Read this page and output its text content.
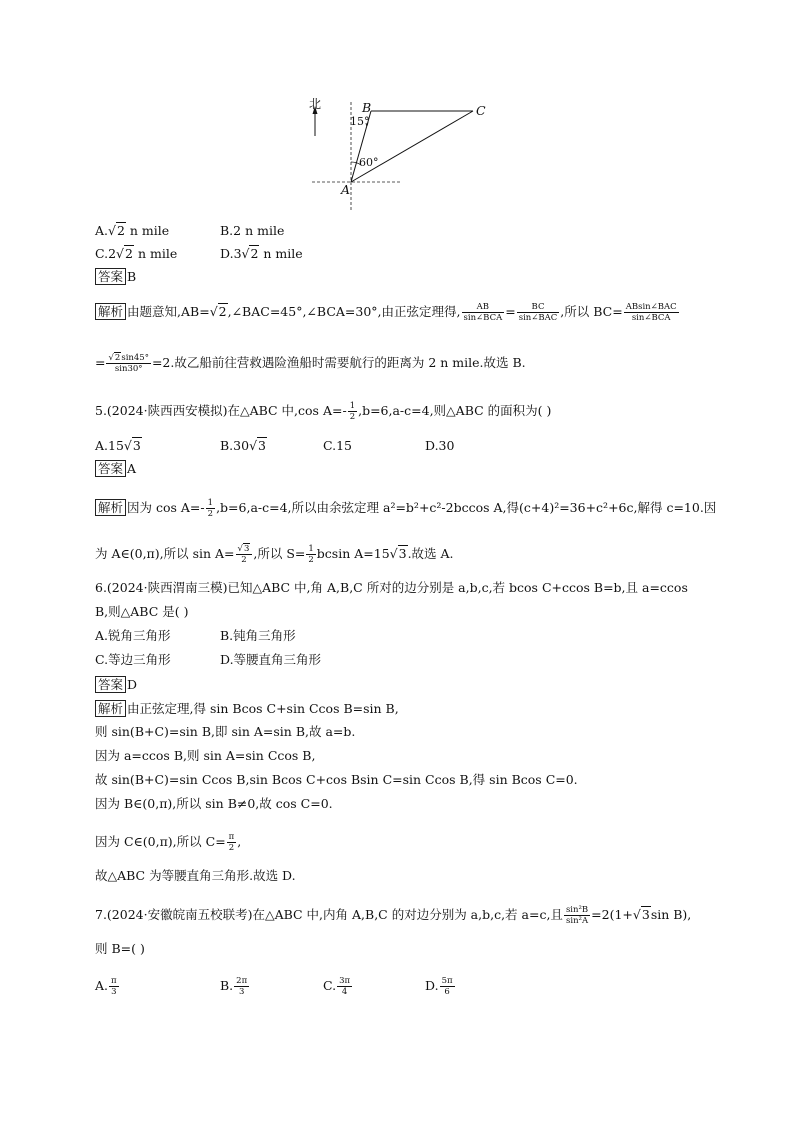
北	B	C
A
15°
60°
A.√2 n mile	B.2 n mile
C.2√2 n mile	D.3√2 n mile
答案 B
解析 由题意知,AB=√2,∠BAC=45°,∠BCA=30°,由正弦定理得, $\frac{AB}{\text{sin∠BCA}} = \frac{BC}{\text{sin∠BAC}}$ ,所以 $BC= \frac{\text{ABsin∠BAC}}{\text{sin∠BCA}}$
= $\frac{√2\sin 45^\circ}{\sin 30^\circ} =2$.故乙船前往营救遇险渔船时需要航行的距离为 2 n mile.故选 B.
5.(2024·陕西西安模拟)在△ABC 中,cos $A=- \frac{1}{2} ,b=6,a-c=4$,则△ABC 的面积为( )
A.15√3	B.30√3	C.15	D.30
答案 A
解析 因为 $\cos A=- \frac{1}{2} ,b=6,a-c=4$,所以由余弦定理 a²=b²+c²-2bccos A,得(c+4)²=36+c²+6c,解得 c=10.因
为 A∈(0,π),所以 $\sin A= \frac{√3}{2}$ ,所以 $S= \frac{1}{2}$ bcsin A=15√3.故选 A.
6.(2024·陕西渭南三模)已知△ABC 中,角 A,B,C 所对的边分别是 a,b,c,若 bcos C+ccos B=b,且 a=ccos
B,则△ABC 是( )
A.锐角三角形	B.钝角三角形
C.等边三角形	D.等腰直角三角形
答案 D
解析 由正弦定理,得 sin Bcos C+sin Ccos B=sin B,
则 sin(B+C)=sin B,即 sin A=sin B,故 a=b.
因为 a=ccos B,则 sin A=sin Ccos B,
故 sin(B+C)=sin Ccos B,sin Bcos C+cos Bsin C=sin Ccos B,得 sin Bcos C=0.
因为 B∈(0,π),所以 sin B≠0,故 cos C=0.
因为 C∈(0,π),所以 $C= \frac{\pi}{2}$ ,
故△ABC 为等腰直角三角形.故选 D.
7.(2024·安徽皖南五校联考)在△ABC 中,内角 A,B,C 的对边分别为 a,b,c,若 a=c,且 $\frac{\text{sin²B}}{\text{sin²A}} =2(1+√3\sin$ B),
则 B=( )
A. $\frac{\pi}{3}$	B. $\frac{2\pi}{3}$	C. $\frac{3\pi}{4}$	D. $\frac{5\pi}{6}$
